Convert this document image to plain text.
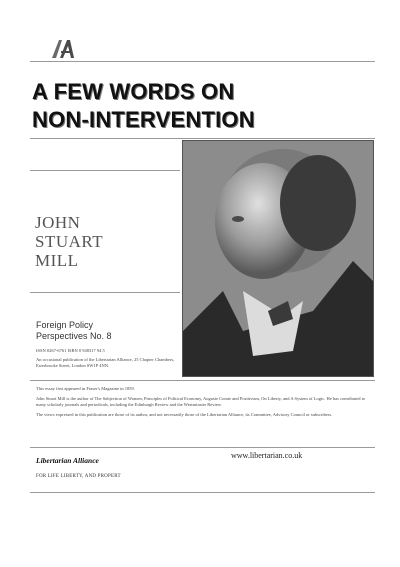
A FEW WORDS ON
NON-INTERVENTION
JOHN
STUART
MILL
Foreign Policy
Perspectives No. 8
ISSN 0267-6761 ISBN 0 948317 94 5
An occasional publication of the Libertarian Alliance, 25 Chapter Chambers, Esterbrooke Street, London SW1P 4NN.

This essay first appeared in Fraser's Magazine in 1859.

John Stuart Mill is the author of The Subjection of Women, Principles of Political Economy, Auguste Comte and Positivism, On Liberty, and A System of Logic. He has contributed to many scholarly journals and periodicals, including the Edinburgh Review and the Westminster Review.

The views expressed in this publication are those of its author, and not necessarily those of the Libertarian Alliance, its Committee, Advisory Council or subscribers.

Libertarian Alliance
www.libertarian.co.uk
FOR LIFE LIBERTY, AND PROPERT
